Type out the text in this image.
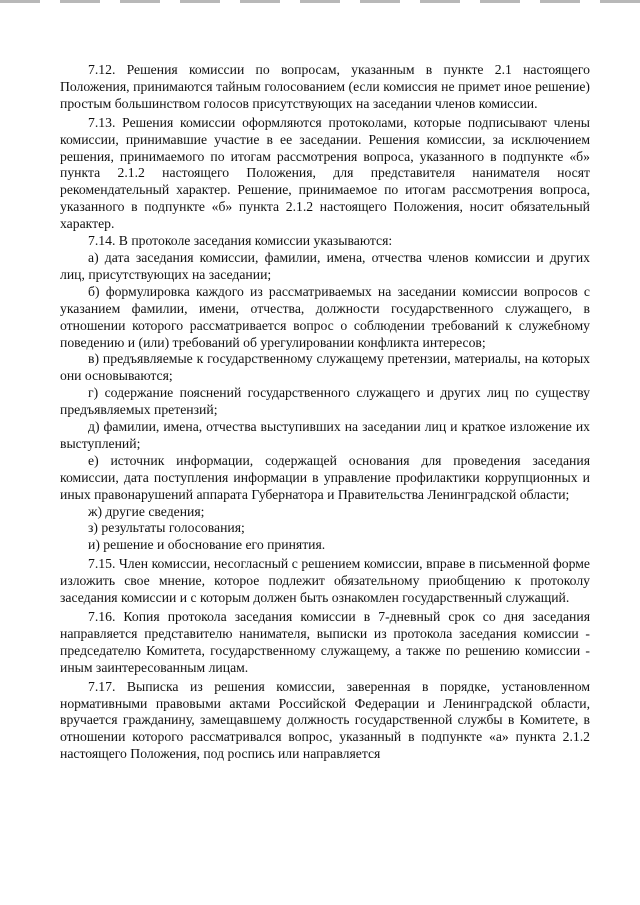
7.12. Решения комиссии по вопросам, указанным в пункте 2.1 настоящего Положения, принимаются тайным голосованием (если комиссия не примет иное решение) простым большинством голосов присутствующих на заседании членов комиссии.

7.13. Решения комиссии оформляются протоколами, которые подписывают члены комиссии, принимавшие участие в ее заседании. Решения комиссии, за исключением решения, принимаемого по итогам рассмотрения вопроса, указанного в подпункте «б» пункта 2.1.2 настоящего Положения, для представителя нанимателя носят рекомендательный характер. Решение, принимаемое по итогам рассмотрения вопроса, указанного в подпункте «б» пункта 2.1.2 настоящего Положения, носит обязательный характер.

7.14. В протоколе заседания комиссии указываются:

а) дата заседания комиссии, фамилии, имена, отчества членов комиссии и других лиц, присутствующих на заседании;

б) формулировка каждого из рассматриваемых на заседании комиссии вопросов с указанием фамилии, имени, отчества, должности государственного служащего, в отношении которого рассматривается вопрос о соблюдении требований к служебному поведению и (или) требований об урегулировании конфликта интересов;

в) предъявляемые к государственному служащему претензии, материалы, на которых они основываются;

г) содержание пояснений государственного служащего и других лиц по существу предъявляемых претензий;

д) фамилии, имена, отчества выступивших на заседании лиц и краткое изложение их выступлений;

е) источник информации, содержащей основания для проведения заседания комиссии, дата поступления информации в управление профилактики коррупционных и иных правонарушений аппарата Губернатора и Правительства Ленинградской области;

ж) другие сведения;

з) результаты голосования;

и) решение и обоснование его принятия.

7.15. Член комиссии, несогласный с решением комиссии, вправе в письменной форме изложить свое мнение, которое подлежит обязательному приобщению к протоколу заседания комиссии и с которым должен быть ознакомлен государственный служащий.

7.16. Копия протокола заседания комиссии в 7-дневный срок со дня заседания направляется представителю нанимателя, выписки из протокола заседания комиссии - председателю Комитета, государственному служащему, а также по решению комиссии - иным заинтересованным лицам.

7.17. Выписка из решения комиссии, заверенная в порядке, установленном нормативными правовыми актами Российской Федерации и Ленинградской области, вручается гражданину, замещавшему должность государственной службы в Комитете, в отношении которого рассматривался вопрос, указанный в подпункте «а» пункта 2.1.2 настоящего Положения, под роспись или направляется
